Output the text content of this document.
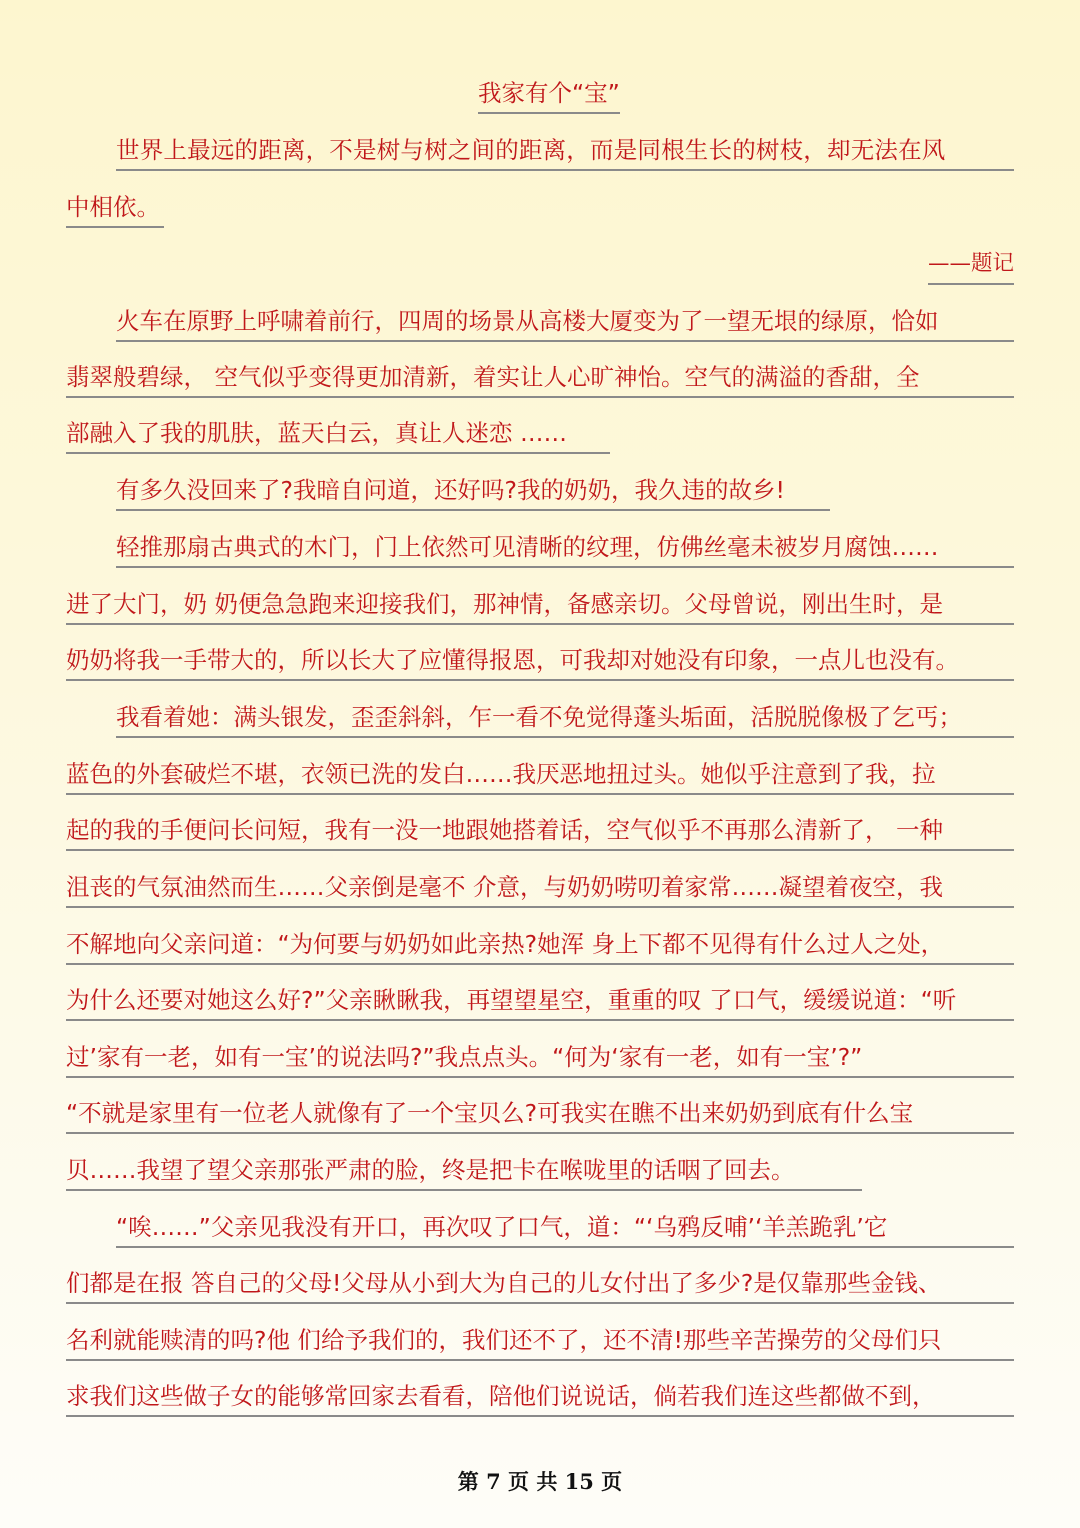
我家有个“宝”
世界上最远的距离，不是树与树之间的距离，而是同根生长的树枝，却无法在风
中相依。
——题记
火车在原野上呼啸着前行，四周的场景从高楼大厦变为了一望无垠的绿原，恰如
翡翠般碧绿， 空气似乎变得更加清新，着实让人心旷神怡。空气的满溢的香甜，全
部融入了我的肌肤，蓝天白云，真让人迷恋 ……
有多久没回来了?我暗自问道，还好吗?我的奶奶，我久违的故乡!
轻推那扇古典式的木门，门上依然可见清晰的纹理，仿佛丝毫未被岁月腐蚀……
进了大门，奶 奶便急急跑来迎接我们，那神情，备感亲切。父母曾说，刚出生时，是
奶奶将我一手带大的，所以长大了应懂得报恩，可我却对她没有印象，一点儿也没有。
我看着她：满头银发，歪歪斜斜，乍一看不免觉得蓬头垢面，活脱脱像极了乞丐；
蓝色的外套破烂不堪，衣领已洗的发白……我厌恶地扭过头。她似乎注意到了我，拉
起的我的手便问长问短，我有一没一地跟她搭着话，空气似乎不再那么清新了， 一种
沮丧的气氛油然而生……父亲倒是毫不 介意，与奶奶唠叨着家常……凝望着夜空，我
不解地向父亲问道：“为何要与奶奶如此亲热?她浑 身上下都不见得有什么过人之处，
为什么还要对她这么好?”父亲瞅瞅我，再望望星空，重重的叹 了口气，缓缓说道：“听
过’家有一老，如有一宝’的说法吗?”我点点头。“何为‘家有一老，如有一宝’?”
“不就是家里有一位老人就像有了一个宝贝么?可我实在瞧不出来奶奶到底有什么宝
贝……我望了望父亲那张严肃的脸，终是把卡在喉咙里的话咽了回去。
“唉……”父亲见我没有开口，再次叹了口气，道：“‘乌鸦反哺’‘羊羔跪乳’它
们都是在报 答自己的父母!父母从小到大为自己的儿女付出了多少?是仅靠那些金钱、
名利就能赎清的吗?他 们给予我们的，我们还不了，还不清!那些辛苦操劳的父母们只
求我们这些做子女的能够常回家去看看，陪他们说说话，倘若我们连这些都做不到，
第 7 页 共 15 页
